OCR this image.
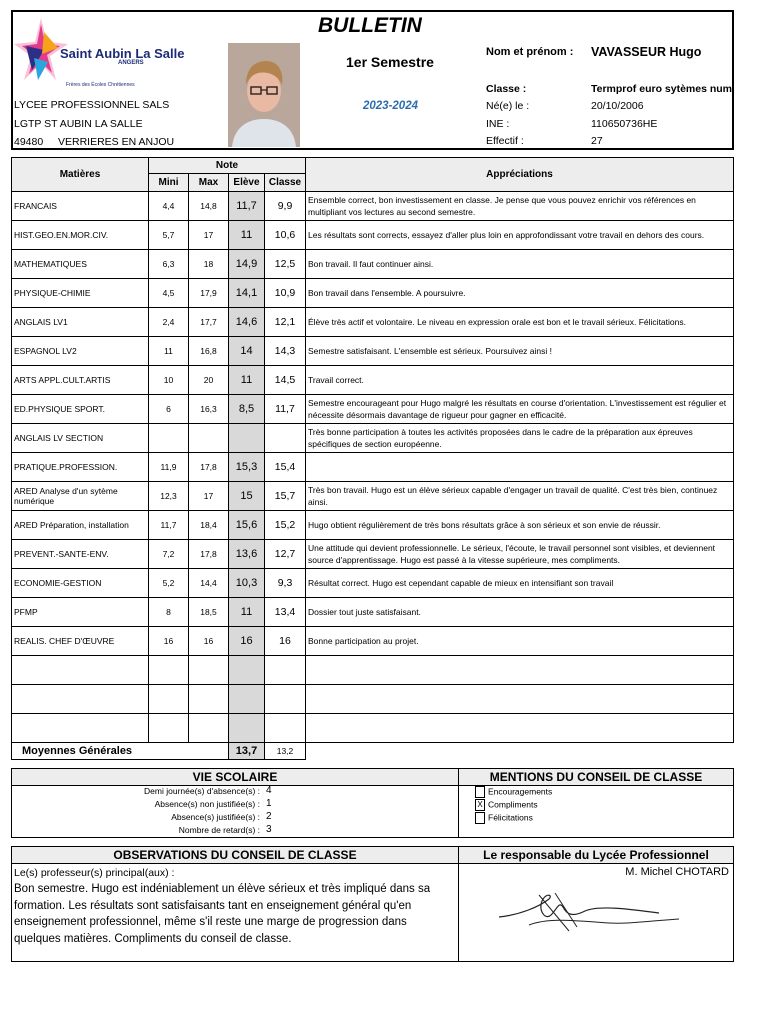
BULLETIN
Saint Aubin La Salle
ANGERS
Frères des Écoles Chrétiennes
LYCEE PROFESSIONNEL SALS
LGTP ST AUBIN LA SALLE
49480 VERRIERES EN ANJOU
1er Semestre
2023-2024
Nom et prénom : VAVASSEUR Hugo
Classe :	Termprof euro sytèmes num
Né(e) le :	20/10/2006
INE :	110650736HE
Effectif :	27
Matières	Note				Appréciations
	Mini	Max	Elève	Classe	
FRANCAIS	4,4	14,8	11,7	9,9	Ensemble correct, bon investissement en classe. Je pense que vous pouvez enrichir vos références en multipliant vos lectures au second semestre.
HIST.GEO.EN.MOR.CIV.	5,7	17	11	10,6	Les résultats sont corrects, essayez d'aller plus loin en approfondissant votre travail en dehors des cours.
MATHEMATIQUES	6,3	18	14,9	12,5	Bon travail. Il faut continuer ainsi.
PHYSIQUE-CHIMIE	4,5	17,9	14,1	10,9	Bon travail dans l'ensemble. A poursuivre.
ANGLAIS LV1	2,4	17,7	14,6	12,1	Élève très actif et volontaire. Le niveau en expression orale est bon et le travail sérieux. Félicitations.
ESPAGNOL LV2	11	16,8	14	14,3	Semestre satisfaisant. L'ensemble est sérieux. Poursuivez ainsi !
ARTS APPL.CULT.ARTIS	10	20	11	14,5	Travail correct.
ED.PHYSIQUE SPORT.	6	16,3	8,5	11,7	Semestre encourageant pour Hugo malgré les résultats en course d'orientation. L'investissement est régulier et nécessite désormais davantage de rigueur pour gagner en efficacité.
ANGLAIS LV SECTION					Très bonne participation à toutes les activités proposées dans le cadre de la préparation aux épreuves spécifiques de section européenne.
PRATIQUE.PROFESSION.	11,9	17,8	15,3	15,4	
ARED Analyse d'un sytème numérique	12,3	17	15	15,7	Très bon travail. Hugo est un élève sérieux capable d'engager un travail de qualité. C'est très bien, continuez ainsi.
ARED Préparation, installation	11,7	18,4	15,6	15,2	Hugo obtient régulièrement de très bons résultats grâce à son sérieux et son envie de réussir.
PREVENT.-SANTE-ENV.	7,2	17,8	13,6	12,7	Une attitude qui devient professionnelle. Le sérieux, l'écoute, le travail personnel sont visibles, et deviennent source d'apprentissage. Hugo est passé à la vitesse supérieure, mes compliments.
ECONOMIE-GESTION	5,2	14,4	10,3	9,3	Résultat correct. Hugo est cependant capable de mieux en intensifiant son travail
PFMP	8	18,5	11	13,4	Dossier tout juste satisfaisant.
REALIS. CHEF D'ŒUVRE	16	16	16	16	Bonne participation au projet.

Moyennes Générales			13,7	13,2	
VIE SCOLAIRE	MENTIONS DU CONSEIL DE CLASSE
Demi journée(s) d'absence(s) : 4
Absence(s) non justifiée(s) : 1
Absence(s) justifiée(s) : 2
Nombre de retard(s) : 3
Encouragements
X Compliments
Félicitations
OBSERVATIONS DU CONSEIL DE CLASSE
Le(s) professeur(s) principal(aux) :
Bon semestre. Hugo est indéniablement un élève sérieux et très impliqué dans sa formation. Les résultats sont satisfaisants tant en enseignement général qu'en enseignement professionnel, même s'il reste une marge de progression dans quelques matières. Compliments du conseil de classe.
Le responsable du Lycée Professionnel
M. Michel CHOTARD
